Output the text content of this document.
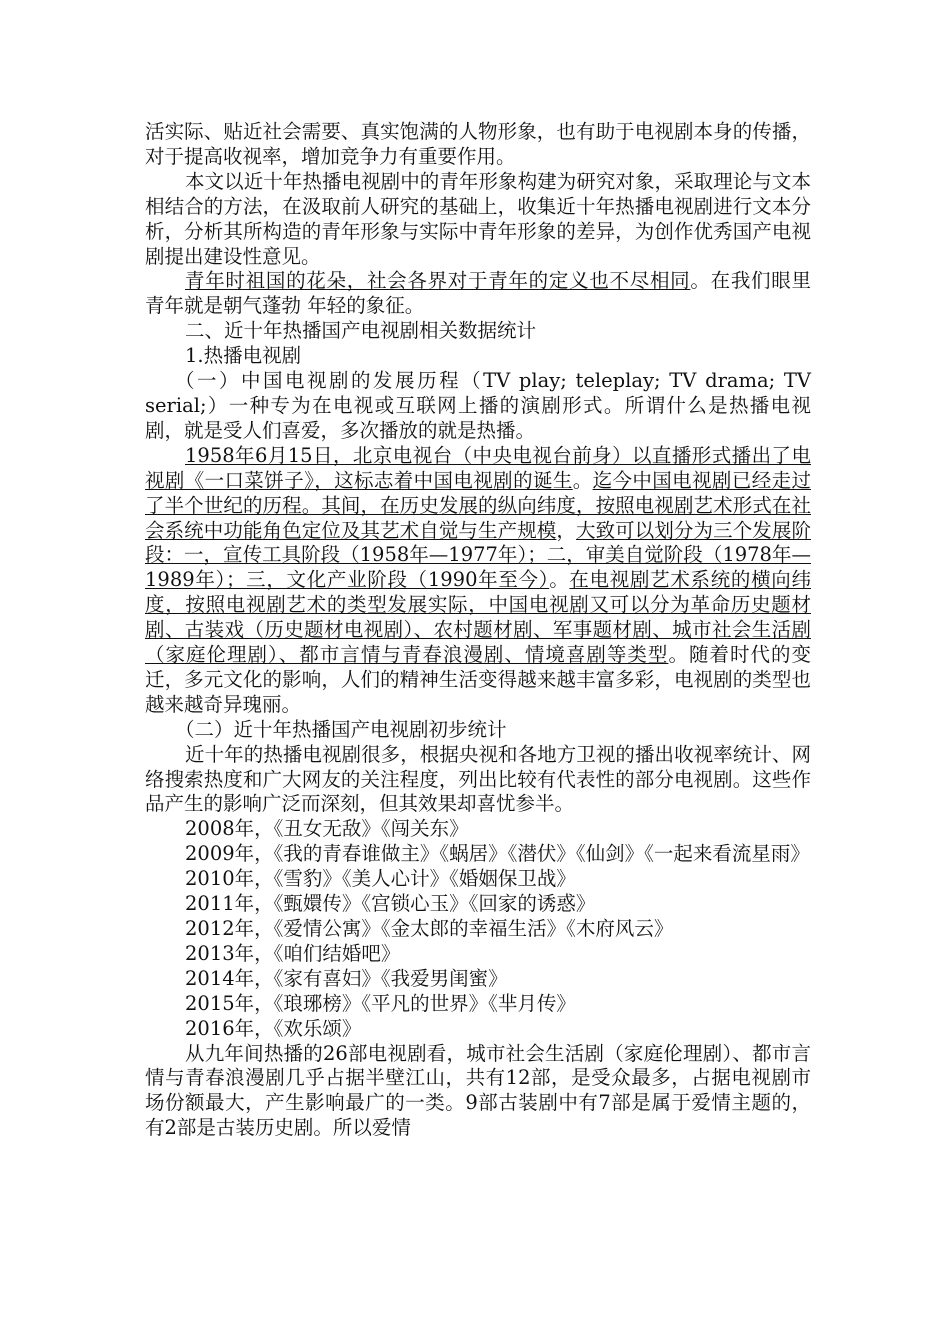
活实际、贴近社会需要、真实饱满的人物形象，也有助于电视剧本身的传播，对于提高收视率，增加竞争力有重要作用。

本文以近十年热播电视剧中的青年形象构建为研究对象，采取理论与文本相结合的方法，在汲取前人研究的基础上，收集近十年热播电视剧进行文本分析，分析其所构造的青年形象与实际中青年形象的差异，为创作优秀国产电视剧提出建设性意见。

青年时祖国的花朵，社会各界对于青年的定义也不尽相同。在我们眼里 青年就是朝气蓬勃 年轻的象征。

二、近十年热播国产电视剧相关数据统计

1.热播电视剧

（一）中国电视剧的发展历程（TV play; teleplay; TV drama; TV serial;）一种专为在电视或互联网上播的演剧形式。所谓什么是热播电视剧，就是受人们喜爱，多次播放的就是热播。

1958年6月15日，北京电视台（中央电视台前身）以直播形式播出了电视剧《一口菜饼子》，这标志着中国电视剧的诞生。迄今中国电视剧已经走过了半个世纪的历程。其间，在历史发展的纵向纬度，按照电视剧艺术形式在社会系统中功能角色定位及其艺术自觉与生产规模，大致可以划分为三个发展阶段：一，宣传工具阶段（1958年—1977年）；二，审美自觉阶段（1978年—1989年）；三，文化产业阶段（1990年至今）。在电视剧艺术系统的横向纬度，按照电视剧艺术的类型发展实际，中国电视剧又可以分为革命历史题材剧、古装戏（历史题材电视剧）、农村题材剧、军事题材剧、城市社会生活剧（家庭伦理剧）、都市言情与青春浪漫剧、情境喜剧等类型。随着时代的变迁，多元文化的影响，人们的精神生活变得越来越丰富多彩，电视剧的类型也越来越奇异瑰丽。

（二）近十年热播国产电视剧初步统计

近十年的热播电视剧很多，根据央视和各地方卫视的播出收视率统计、网络搜索热度和广大网友的关注程度，列出比较有代表性的部分电视剧。这些作品产生的影响广泛而深刻，但其效果却喜忧参半。

2008年，《丑女无敌》《闯关东》

2009年，《我的青春谁做主》《蜗居》《潜伏》《仙剑》《一起来看流星雨》

2010年，《雪豹》《美人心计》《婚姻保卫战》

2011年，《甄嬛传》《宫锁心玉》《回家的诱惑》

2012年，《爱情公寓》《金太郎的幸福生活》《木府风云》

2013年，《咱们结婚吧》

2014年，《家有喜妇》《我爱男闺蜜》

2015年，《琅琊榜》《平凡的世界》《芈月传》

2016年，《欢乐颂》

从九年间热播的26部电视剧看，城市社会生活剧（家庭伦理剧）、都市言情与青春浪漫剧几乎占据半壁江山，共有12部，是受众最多，占据电视剧市场份额最大，产生影响最广的一类。9部古装剧中有7部是属于爱情主题的，有2部是古装历史剧。所以爱情
